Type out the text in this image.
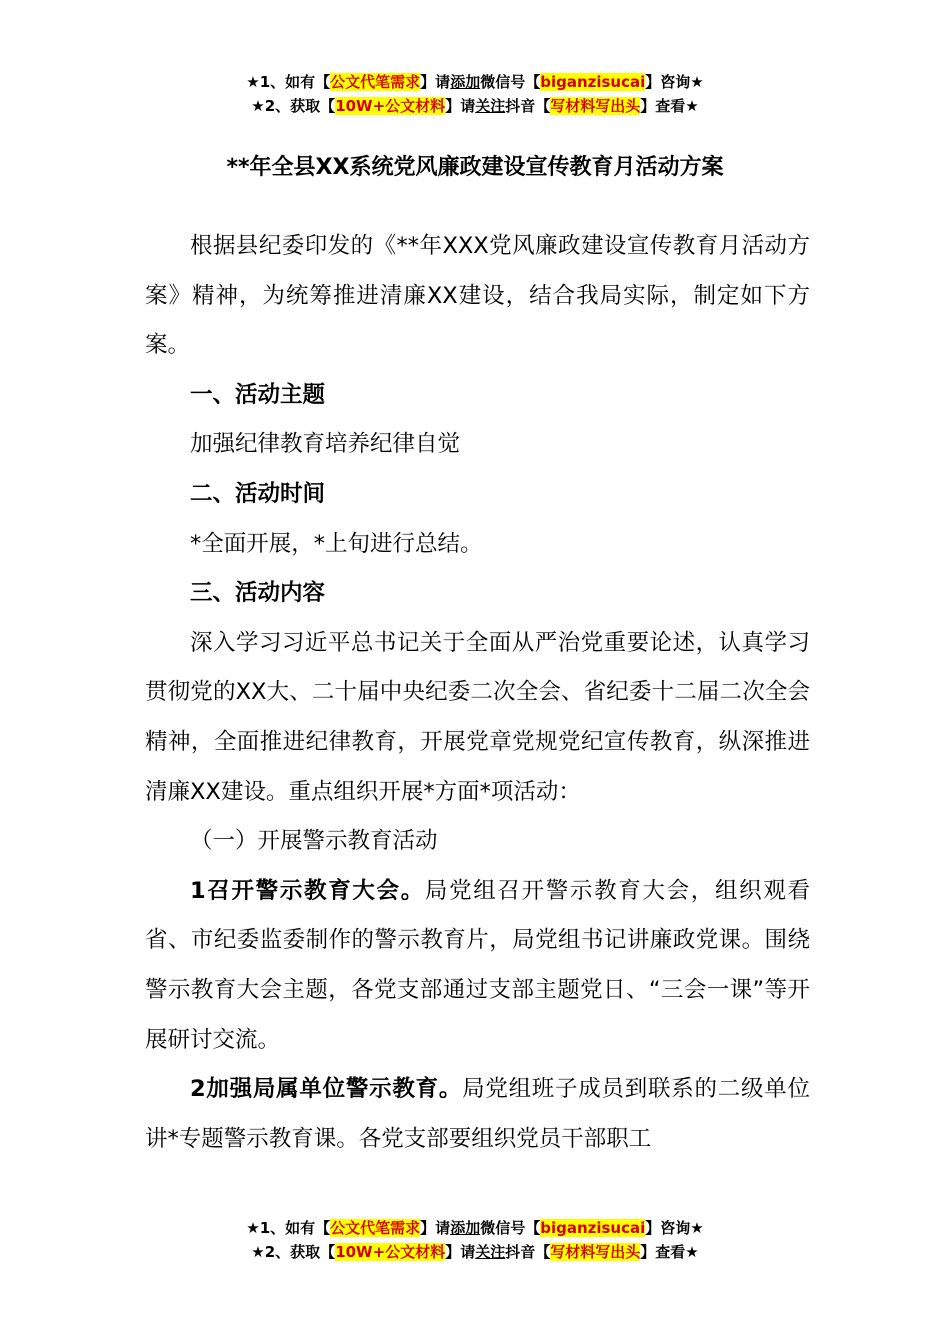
★1、如有【公文代笔需求】请添加微信号【biganzisucai】咨询★
★2、获取【10W+公文材料】请关注抖音【写材料写出头】查看★
**年全县XX系统党风廉政建设宣传教育月活动方案

根据县纪委印发的《**年XXX党风廉政建设宣传教育月活动方案》精神，为统筹推进清廉XX建设，结合我局实际，制定如下方案。

一、活动主题

加强纪律教育培养纪律自觉

二、活动时间

*全面开展，*上旬进行总结。

三、活动内容

深入学习习近平总书记关于全面从严治党重要论述，认真学习贯彻党的XX大、二十届中央纪委二次全会、省纪委十二届二次全会精神，全面推进纪律教育，开展党章党规党纪宣传教育，纵深推进清廉XX建设。重点组织开展*方面*项活动：

（一）开展警示教育活动

1召开警示教育大会。局党组召开警示教育大会，组织观看省、市纪委监委制作的警示教育片，局党组书记讲廉政党课。围绕警示教育大会主题，各党支部通过支部主题党日、“三会一课”等开展研讨交流。

2加强局属单位警示教育。局党组班子成员到联系的二级单位讲*专题警示教育课。各党支部要组织党员干部职工

★1、如有【公文代笔需求】请添加微信号【biganzisucai】咨询★
★2、获取【10W+公文材料】请关注抖音【写材料写出头】查看★
